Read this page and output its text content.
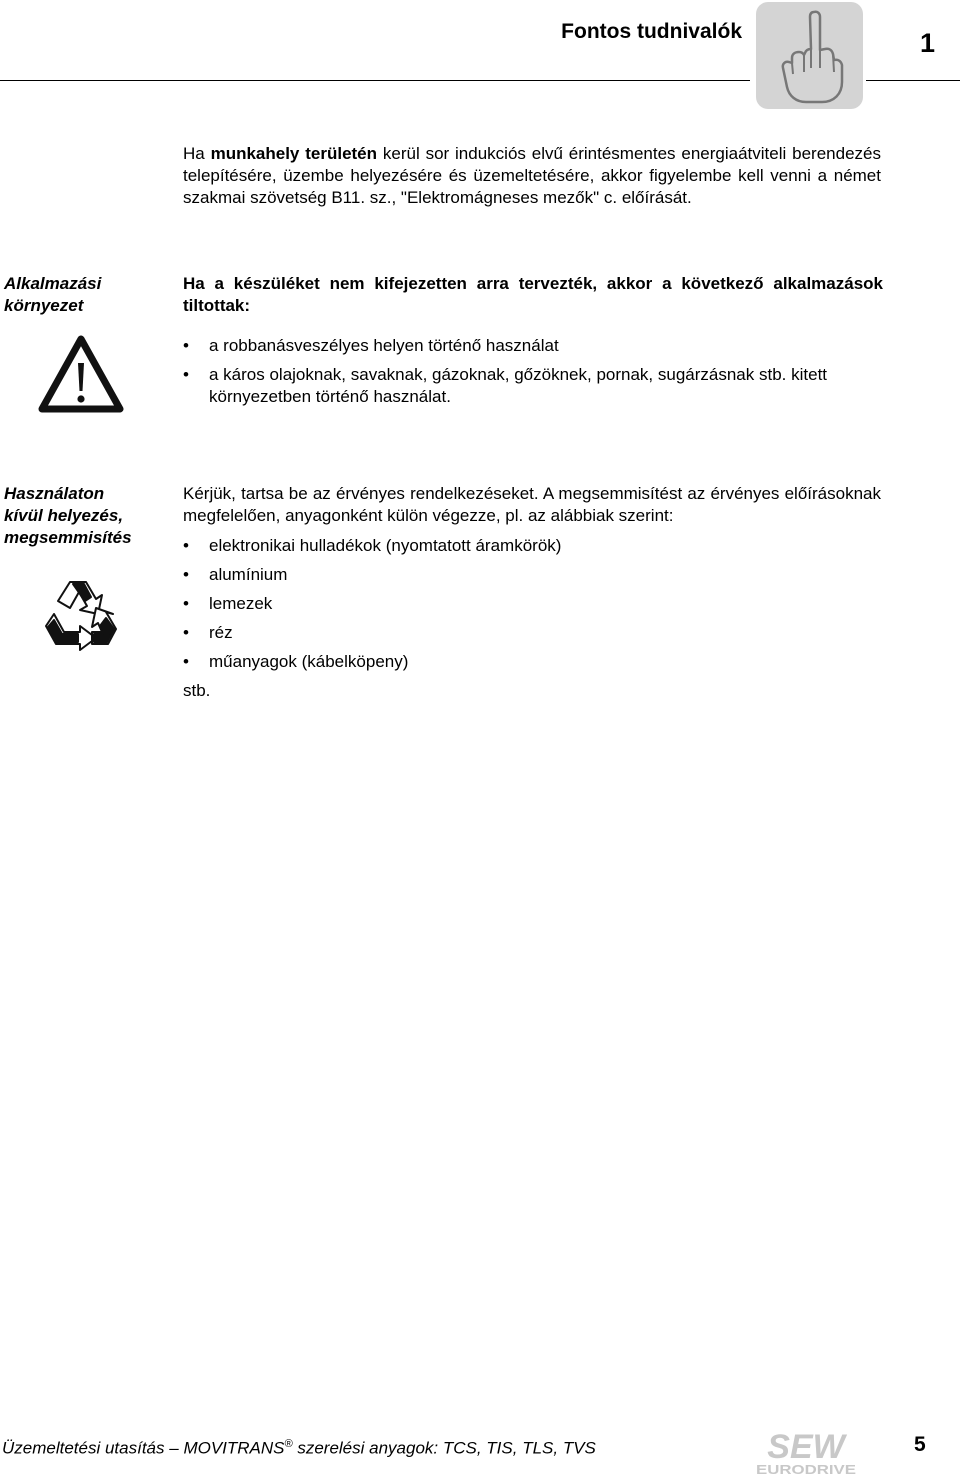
Fontos tudnivalók	1
Ha munkahely területén kerül sor indukciós elvű érintésmentes energiaátviteli berendezés telepítésére, üzembe helyezésére és üzemeltetésére, akkor figyelembe kell venni a német szakmai szövetség B11. sz., "Elektromágneses mezők" c. előírását.
Alkalmazási
környezet
Ha a készüléket nem kifejezetten arra tervezték, akkor a következő alkalmazások tiltottak:
• a robbanásveszélyes helyen történő használat
• a káros olajoknak, savaknak, gázoknak, gőzöknek, pornak, sugárzásnak stb. kitett környezetben történő használat.
Használaton
kívül helyezés,
megsemmisítés
Kérjük, tartsa be az érvényes rendelkezéseket. A megsemmisítést az érvényes előírásoknak megfelelően, anyagonként külön végezze, pl. az alábbiak szerint:
• elektronikai hulladékok (nyomtatott áramkörök)
• alumínium
• lemezek
• réz
• műanyagok (kábelköpeny)
stb.
Üzemeltetési utasítás – MOVITRANS® szerelési anyagok: TCS, TIS, TLS, TVS	SEW
EURODRIVE
5
